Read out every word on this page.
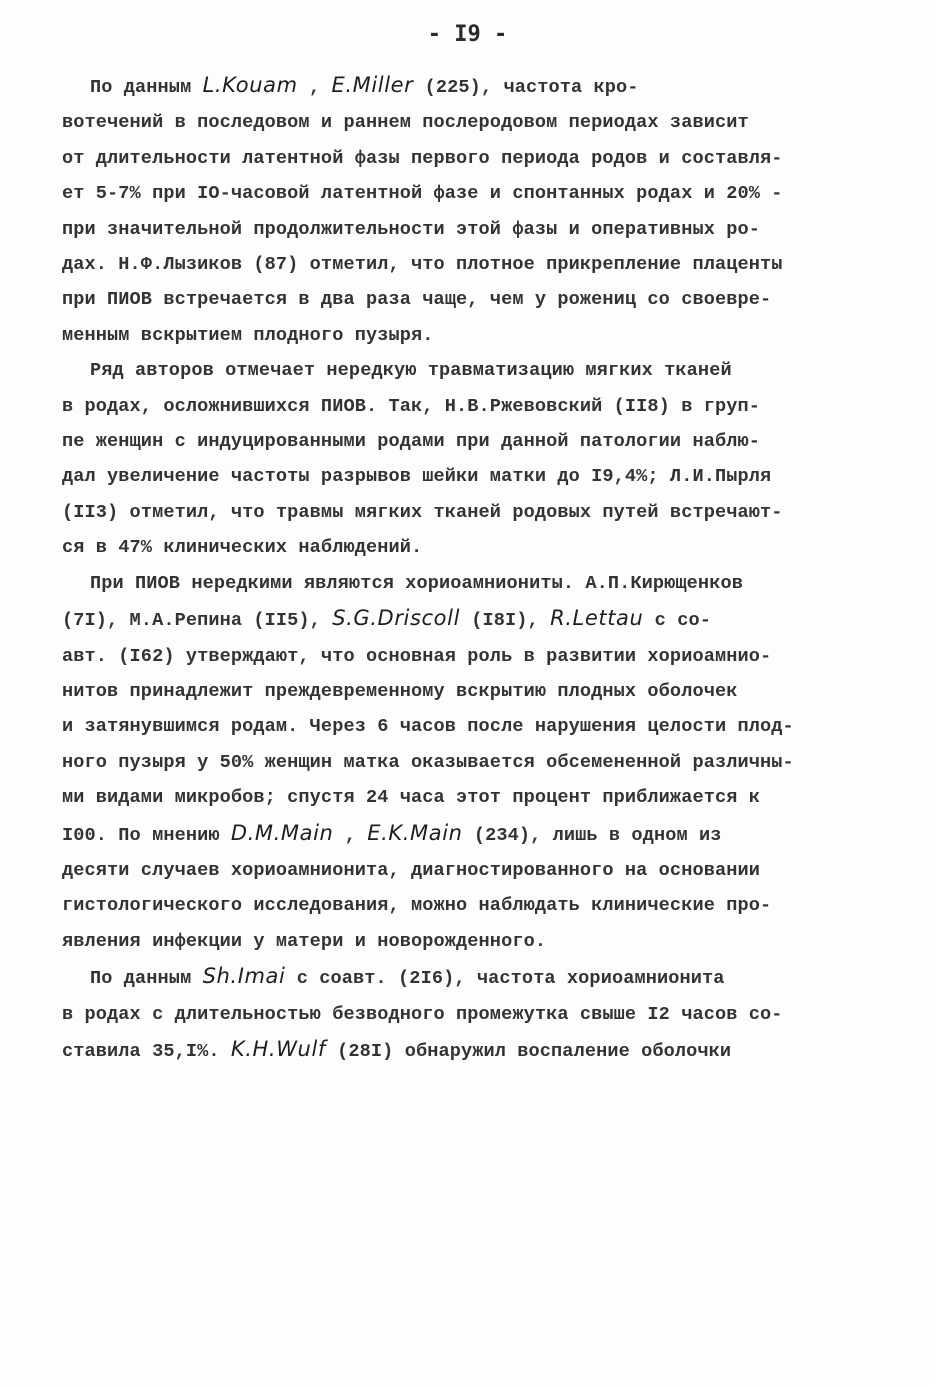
- I9 -
По данным L.Kouam , E.Miller (225), частота кро-
вотечений в последовом и раннем послеродовом периодах зависит
от длительности латентной фазы первого периода родов и составля-
ет 5-7% при IO-часовой латентной фазе и спонтанных родах и 20% -
при значительной продолжительности этой фазы и оперативных ро-
дах. Н.Ф.Лызиков (87) отметил, что плотное прикрепление плаценты
при ПИОВ встречается в два раза чаще, чем у рожениц со своевре-
менным вскрытием плодного пузыря.
Ряд авторов отмечает нередкую травматизацию мягких тканей
в родах, осложнившихся ПИОВ. Так, Н.В.Ржевовский (II8) в груп-
пе женщин с индуцированными родами при данной патологии наблю-
дал увеличение частоты разрывов шейки матки до I9,4%; Л.И.Пырля
(II3) отметил, что травмы мягких тканей родовых путей встречают-
ся в 47% клинических наблюдений.
При ПИОВ нередкими являются хориоамниониты. А.П.Кирющенков
(7I), М.А.Репина (II5), S.G.Driscoll (I8I), R.Lettau с со-
авт. (I62) утверждают, что основная роль в развитии хориоамнио-
нитов принадлежит преждевременному вскрытию плодных оболочек
и затянувшимся родам. Через 6 часов после нарушения целости плод-
ного пузыря у 50% женщин матка оказывается обсемененной различны-
ми видами микробов; спустя 24 часа этот процент приближается к
I00. По мнению D.M.Main , E.K.Main (234), лишь в одном из
десяти случаев хориоамнионита, диагностированного на основании
гистологического исследования, можно наблюдать клинические про-
явления инфекции у матери и новорожденного.
По данным Sh.Imai с соавт. (2I6), частота хориоамнионита
в родах с длительностью безводного промежутка свыше I2 часов со-
ставила 35,I%. K.H.Wulf (28I) обнаружил воспаление оболочки
